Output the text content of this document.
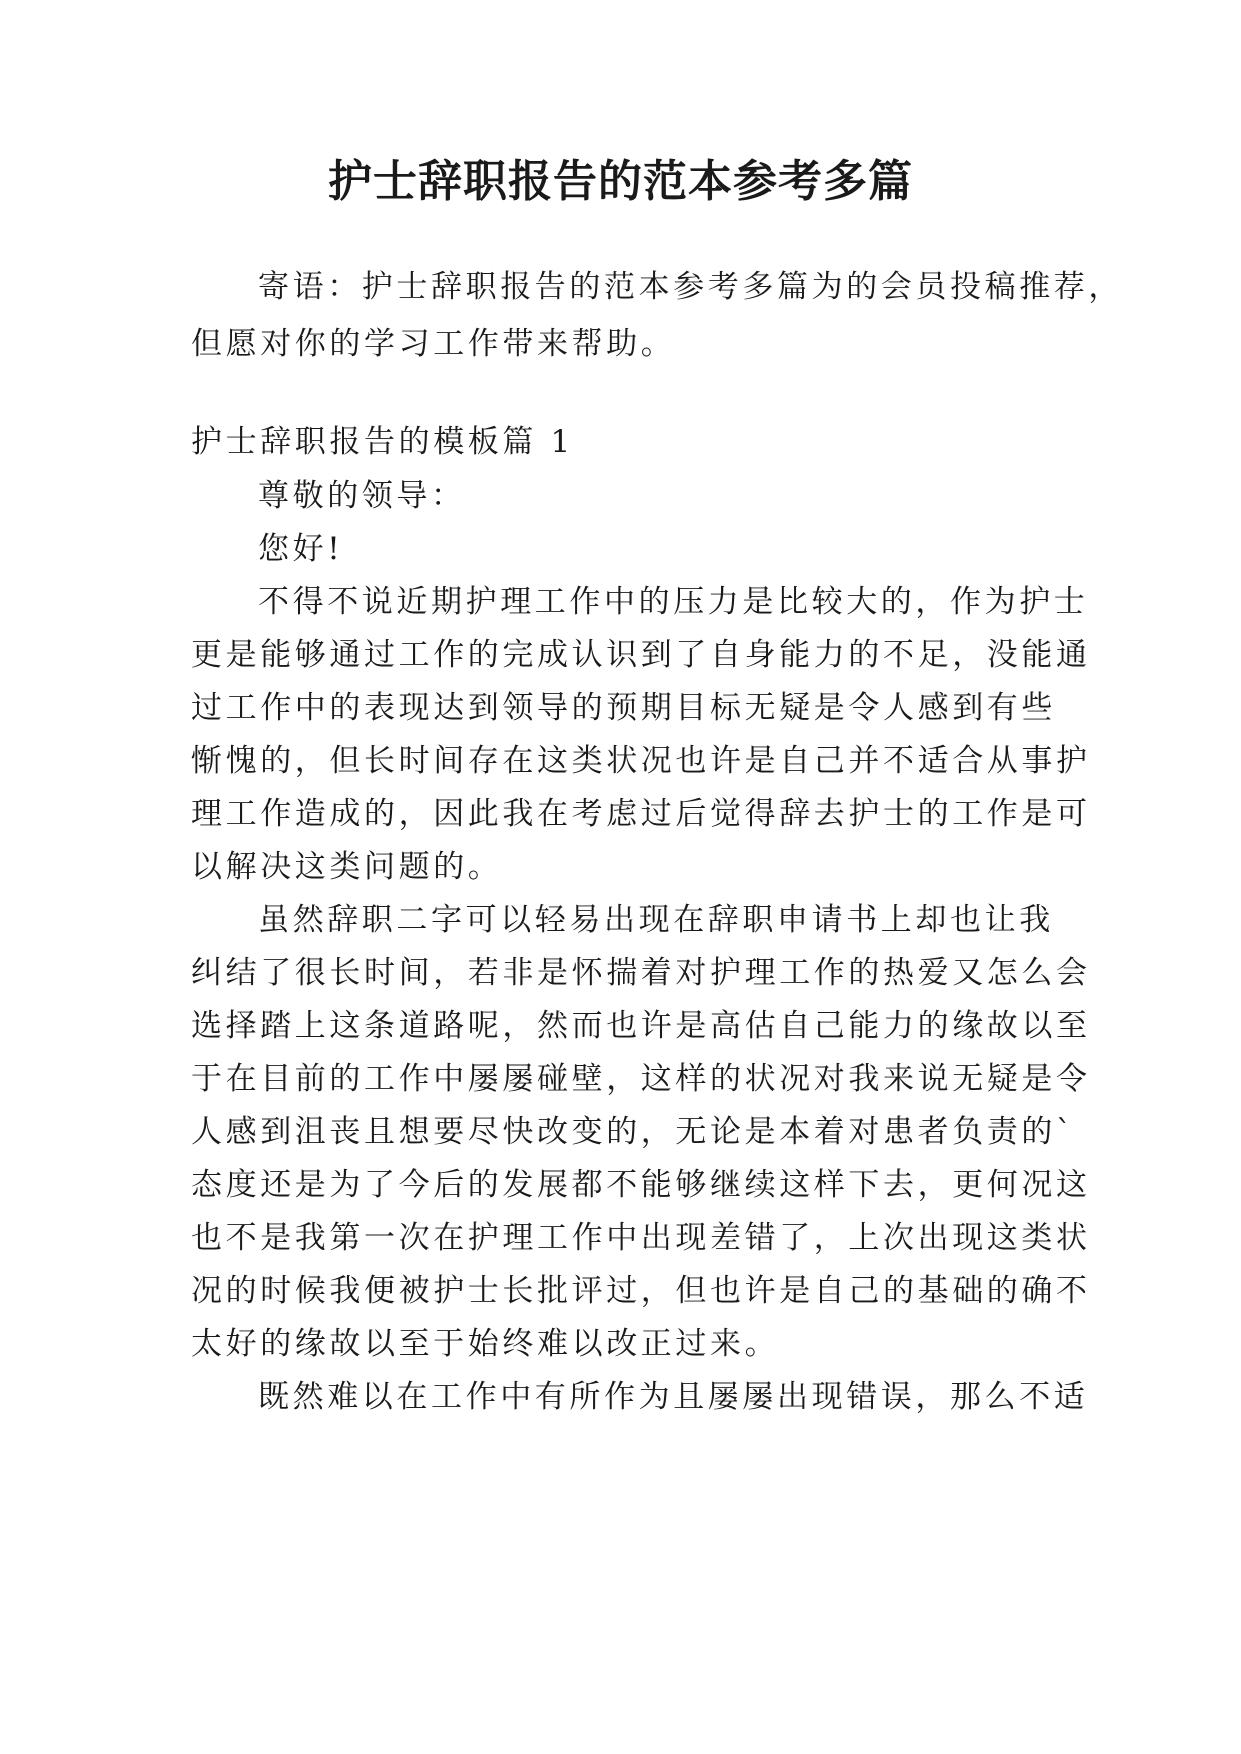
护士辞职报告的范本参考多篇
寄语：护士辞职报告的范本参考多篇为的会员投稿推荐，
但愿对你的学习工作带来帮助。
护士辞职报告的模板篇 1
尊敬的领导：
您好!
不得不说近期护理工作中的压力是比较大的，作为护士
更是能够通过工作的完成认识到了自身能力的不足，没能通
过工作中的表现达到领导的预期目标无疑是令人感到有些
惭愧的，但长时间存在这类状况也许是自己并不适合从事护
理工作造成的，因此我在考虑过后觉得辞去护士的工作是可
以解决这类问题的。
虽然辞职二字可以轻易出现在辞职申请书上却也让我
纠结了很长时间，若非是怀揣着对护理工作的热爱又怎么会
选择踏上这条道路呢，然而也许是高估自己能力的缘故以至
于在目前的工作中屡屡碰壁，这样的状况对我来说无疑是令
人感到沮丧且想要尽快改变的，无论是本着对患者负责的`
态度还是为了今后的发展都不能够继续这样下去，更何况这
也不是我第一次在护理工作中出现差错了，上次出现这类状
况的时候我便被护士长批评过，但也许是自己的基础的确不
太好的缘故以至于始终难以改正过来。
既然难以在工作中有所作为且屡屡出现错误，那么不适
